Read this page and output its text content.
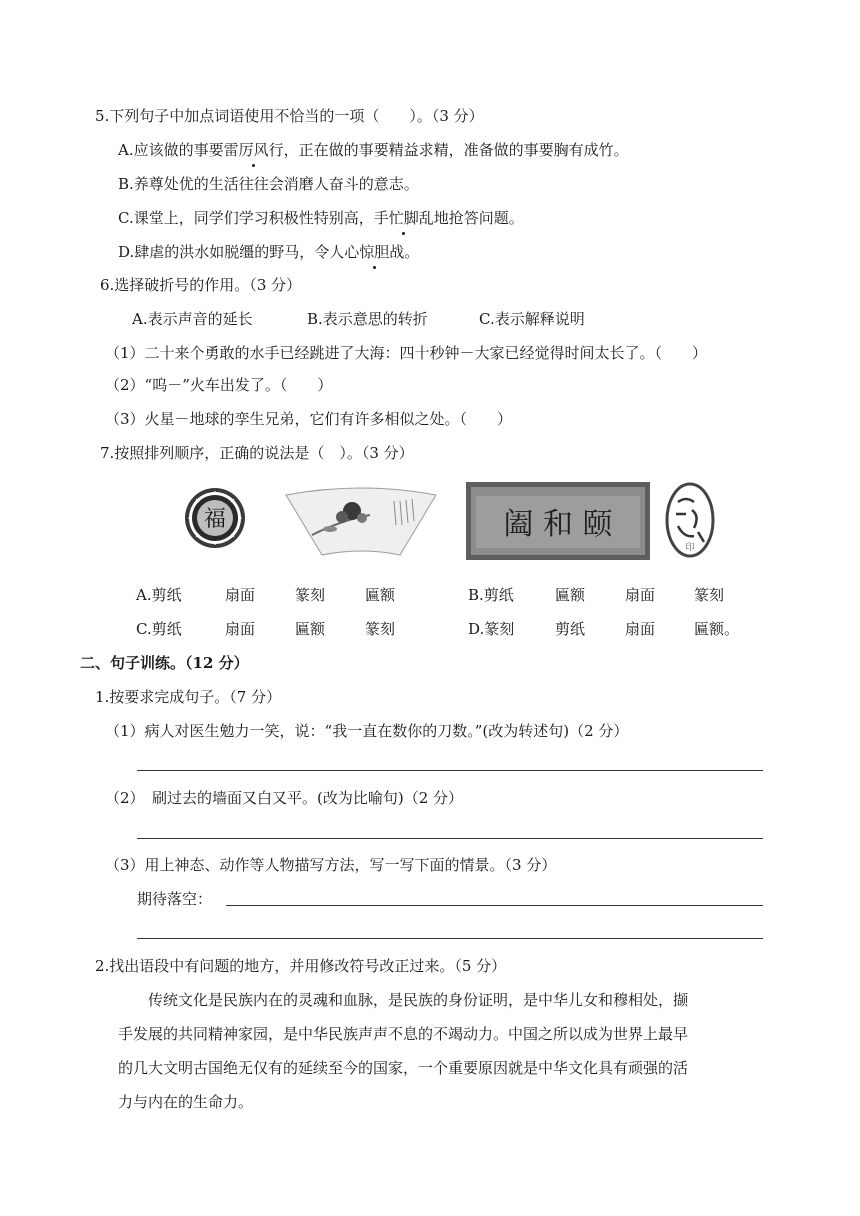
5.下列句子中加点词语使用不恰当的一项（　　）。（3 分）
A.应该做的事要雷厉风行，正在做的事要精益求精，准备做的事要胸有成竹。
B.养尊处优的生活往往会消磨人奋斗的意志。
C.课堂上，同学们学习积极性特别高，手忙脚乱地抢答问题。
D.肆虐的洪水如脱缰的野马，令人心惊胆战。
6.选择破折号的作用。（3 分）
A.表示声音的延长	B.表示意思的转折	C.表示解释说明
（1）二十来个勇敢的水手已经跳进了大海：四十秒钟－大家已经觉得时间太长了。（　　）
（2）“呜－”火车出发了。（　　）
（3）火星－地球的孪生兄弟，它们有许多相似之处。（　　）
7.按照排列顺序，正确的说法是（　）。（3 分）
福	阖 和 颐
印
A.剪纸	扇面	篆刻	匾额	B.剪纸	匾额	扇面	篆刻
C.剪纸	扇面	匾额	篆刻	D.篆刻	剪纸	扇面	匾额。
二、句子训练。（12 分）
1.按要求完成句子。（7 分）
（1）病人对医生勉力一笑，说：“我一直在数你的刀数。”(改为转述句)（2 分）
（2）　刷过去的墙面又白又平。(改为比喻句)（2 分）
（3）用上神态、动作等人物描写方法，写一写下面的情景。（3 分）
期待落空：
2.找出语段中有问题的地方，并用修改符号改正过来。（5 分）
　　传统文化是民族内在的灵魂和血脉，是民族的身份证明，是中华儿女和穆相处，撷
手发展的共同精神家园，是中华民族声声不息的不竭动力。中国之所以成为世界上最早
的几大文明古国绝无仅有的延续至今的国家，一个重要原因就是中华文化具有顽强的活
力与内在的生命力。
